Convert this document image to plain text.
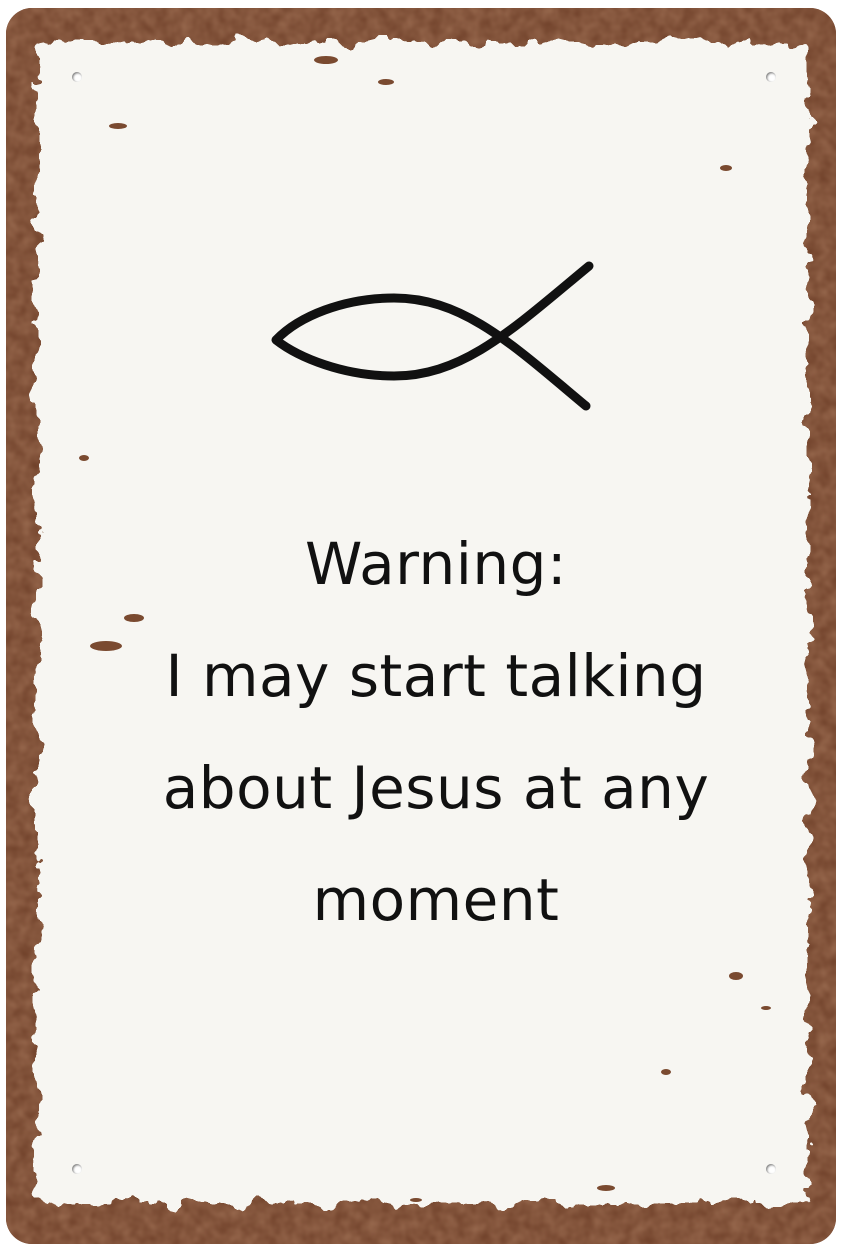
Warning:
I may start talking
about Jesus at any
moment
